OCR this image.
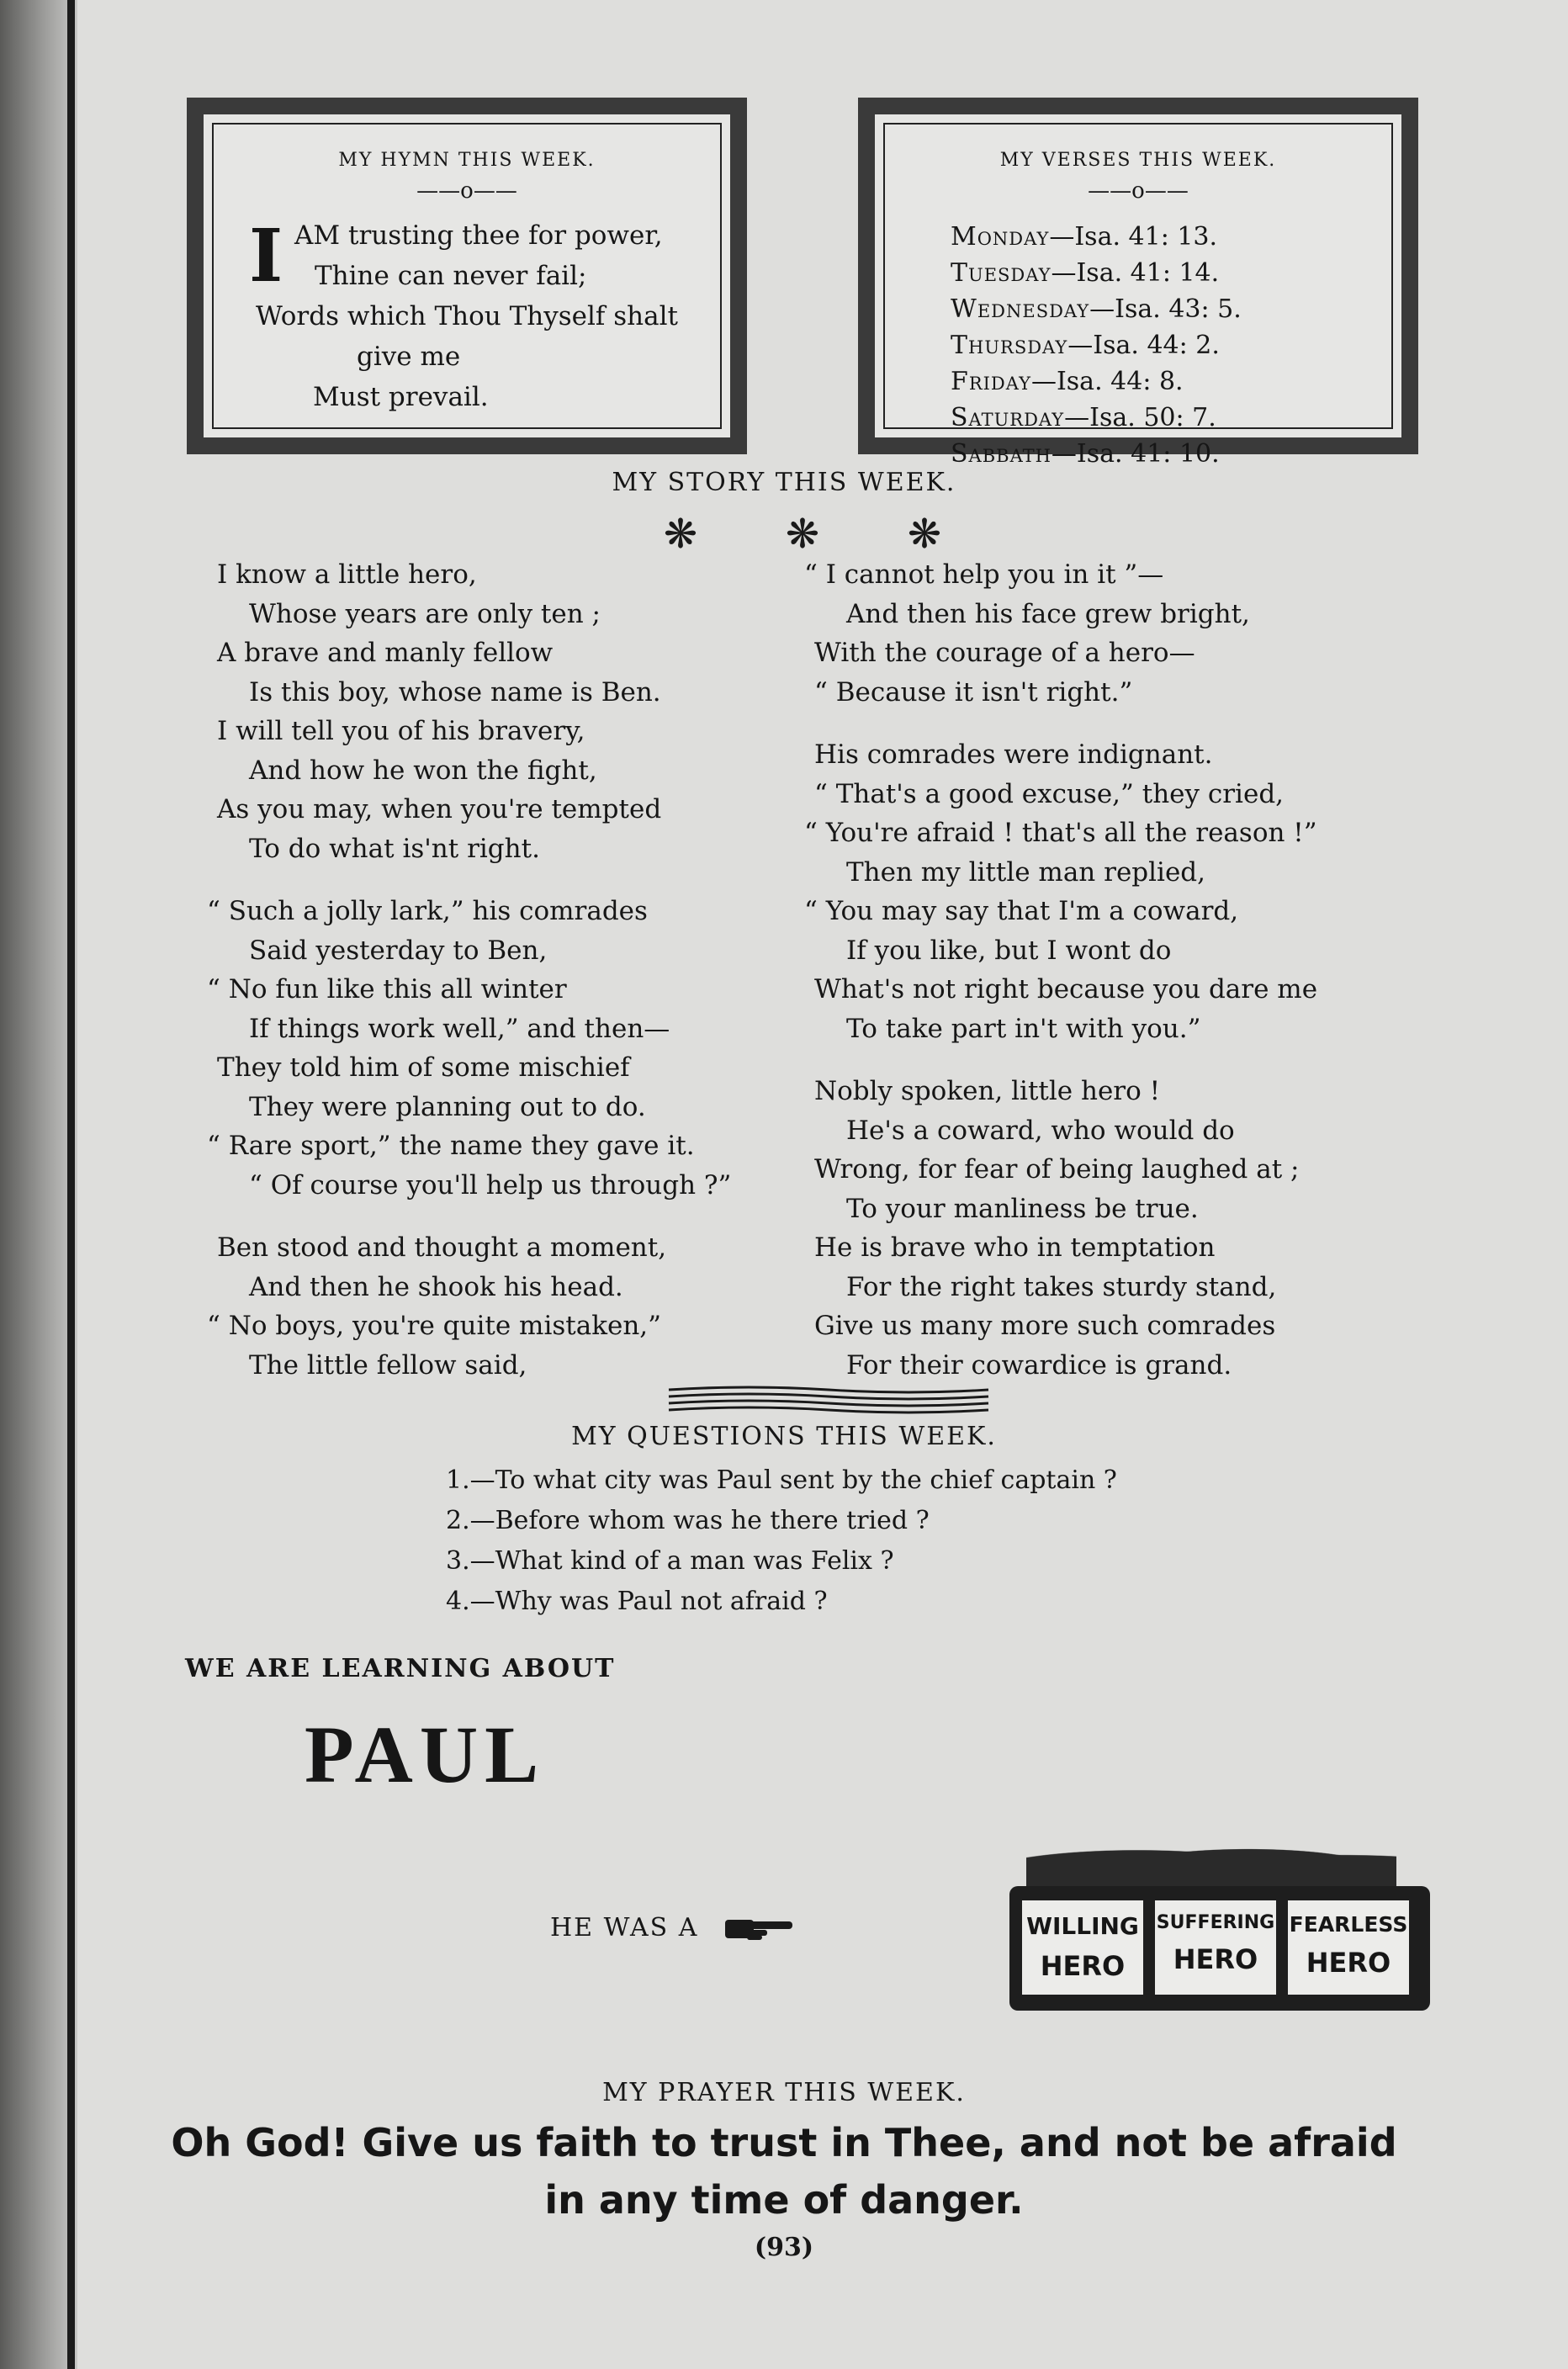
MY HYMN THIS WEEK.
——o——
I AM trusting thee for power,
Thine can never fail;
Words which Thou Thyself shalt
give me
Must prevail.
MY VERSES THIS WEEK.
——o——
Monday—Isa. 41: 13.
Tuesday—Isa. 41: 14.
Wednesday—Isa. 43: 5.
Thursday—Isa. 44: 2.
Friday—Isa. 44: 8.
Saturday—Isa. 50: 7.
Sabbath—Isa. 41: 10.
MY STORY THIS WEEK.
❋ ❋ ❋
I know a little hero,
Whose years are only ten ;
A brave and manly fellow
Is this boy, whose name is Ben.
I will tell you of his bravery,
And how he won the fight,
As you may, when you're tempted
To do what is'nt right.
“ Such a jolly lark,” his comrades
Said yesterday to Ben,
“ No fun like this all winter
If things work well,” and then—
They told him of some mischief
They were planning out to do.
“ Rare sport,” the name they gave it.
“ Of course you'll help us through ?”
Ben stood and thought a moment,
And then he shook his head.
“ No boys, you're quite mistaken,”
The little fellow said,
“ I cannot help you in it ”—
And then his face grew bright,
With the courage of a hero—
“ Because it isn't right.”
His comrades were indignant.
“ That's a good excuse,” they cried,
“ You're afraid ! that's all the reason !”
Then my little man replied,
“ You may say that I'm a coward,
If you like, but I wont do
What's not right because you dare me
To take part in't with you.”
Nobly spoken, little hero !
He's a coward, who would do
Wrong, for fear of being laughed at ;
To your manliness be true.
He is brave who in temptation
For the right takes sturdy stand,
Give us many more such comrades
For their cowardice is grand.
MY QUESTIONS THIS WEEK.
1.—To what city was Paul sent by the chief captain ?
2.—Before whom was he there tried ?
3.—What kind of a man was Felix ?
4.—Why was Paul not afraid ?
WE ARE LEARNING ABOUT
PAUL
HE WAS A	WILLING
HERO
SUFFERING
HERO
FEARLESS
HERO
MY PRAYER THIS WEEK.
Oh God! Give us faith to trust in Thee, and not be afraid
in any time of danger.
(93)
